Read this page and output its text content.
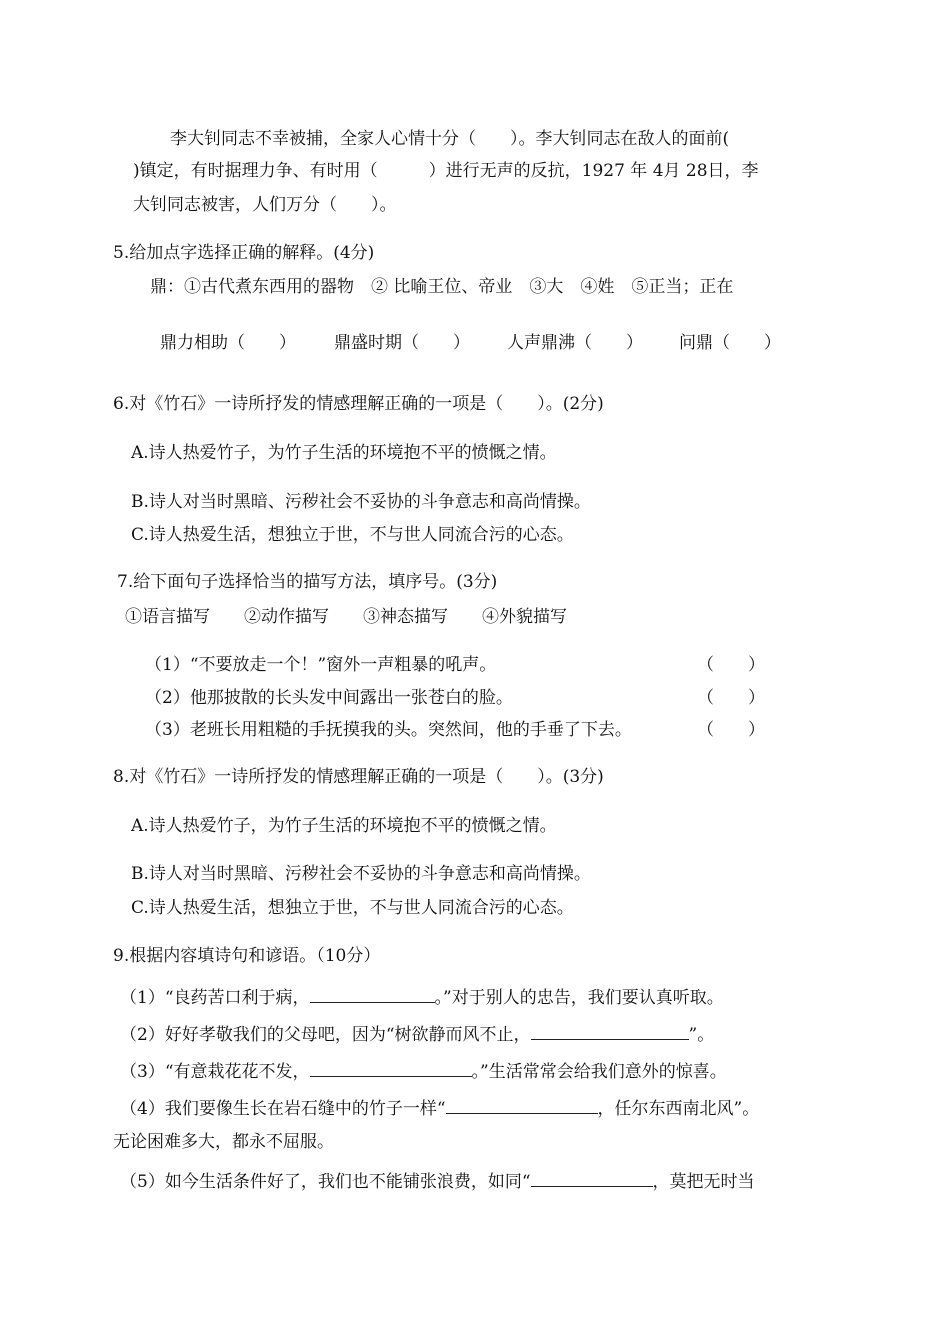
李大钊同志不幸被捕，全家人心情十分（　　）。李大钊同志在敌人的面前(
)镇定，有时据理力争、有时用（　　　）进行无声的反抗，1927 年 4月 28日，李
大钊同志被害，人们万分（　　）。
5.给加点字选择正确的解释。(4分)
鼎：①古代煮东西用的器物　② 比喻王位、帝业　③大　④姓　⑤正当；正在
鼎力相助（　　） 鼎盛时期（　　） 人声鼎沸（　　） 问鼎（　　）
6.对《竹石》一诗所抒发的情感理解正确的一项是（　　）。(2分)
A.诗人热爱竹子，为竹子生活的环境抱不平的愤慨之情。
B.诗人对当时黑暗、污秽社会不妥协的斗争意志和高尚情操。
C.诗人热爱生活，想独立于世，不与世人同流合污的心态。
7.给下面句子选择恰当的描写方法，填序号。(3分)
①语言描写　　②动作描写　　③神态描写　　④外貌描写
（1）“不要放走一个！”窗外一声粗暴的吼声。	（　　）
（2）他那披散的长头发中间露出一张苍白的脸。	（　　）
（3）老班长用粗糙的手抚摸我的头。突然间，他的手垂了下去。	（　　）
8.对《竹石》一诗所抒发的情感理解正确的一项是（　　）。(3分)
A.诗人热爱竹子，为竹子生活的环境抱不平的愤慨之情。
B.诗人对当时黑暗、污秽社会不妥协的斗争意志和高尚情操。
C.诗人热爱生活，想独立于世，不与世人同流合污的心态。
9.根据内容填诗句和谚语。（10分）
（1）“良药苦口利于病，	。”对于别人的忠告，我们要认真听取。
（2）好好孝敬我们的父母吧，因为“树欲静而风不止，	”。
（3）“有意栽花花不发，	。”生活常常会给我们意外的惊喜。
（4）我们要像生长在岩石缝中的竹子一样“	，任尔东西南北风”。
无论困难多大，都永不屈服。
（5）如今生活条件好了，我们也不能铺张浪费，如同“	，莫把无时当
